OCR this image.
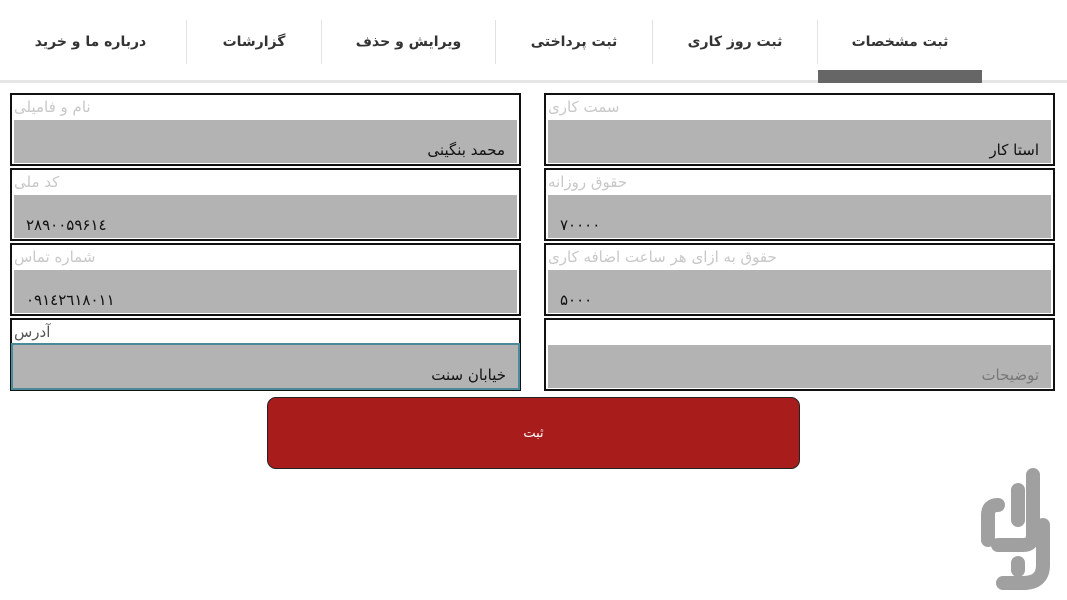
ثبت مشخصات
ثبت روز کاری
ثبت پرداختی
ویرایش و حذف
گزارشات
درباره ما و خرید
نام و فامیلی
محمد بنگینی
کد ملی
۲۸۹۰۰۵۹۶۱٤
شماره تماس
۰۹۱٤۲٦۱۸۰۱۱
آدرس
خیابان سنت
سمت کاری
استا کار
حقوق روزانه
۷۰۰۰۰
حقوق به ازای هر ساعت اضافه کاری
۵۰۰۰
توضیحات
ثبت
